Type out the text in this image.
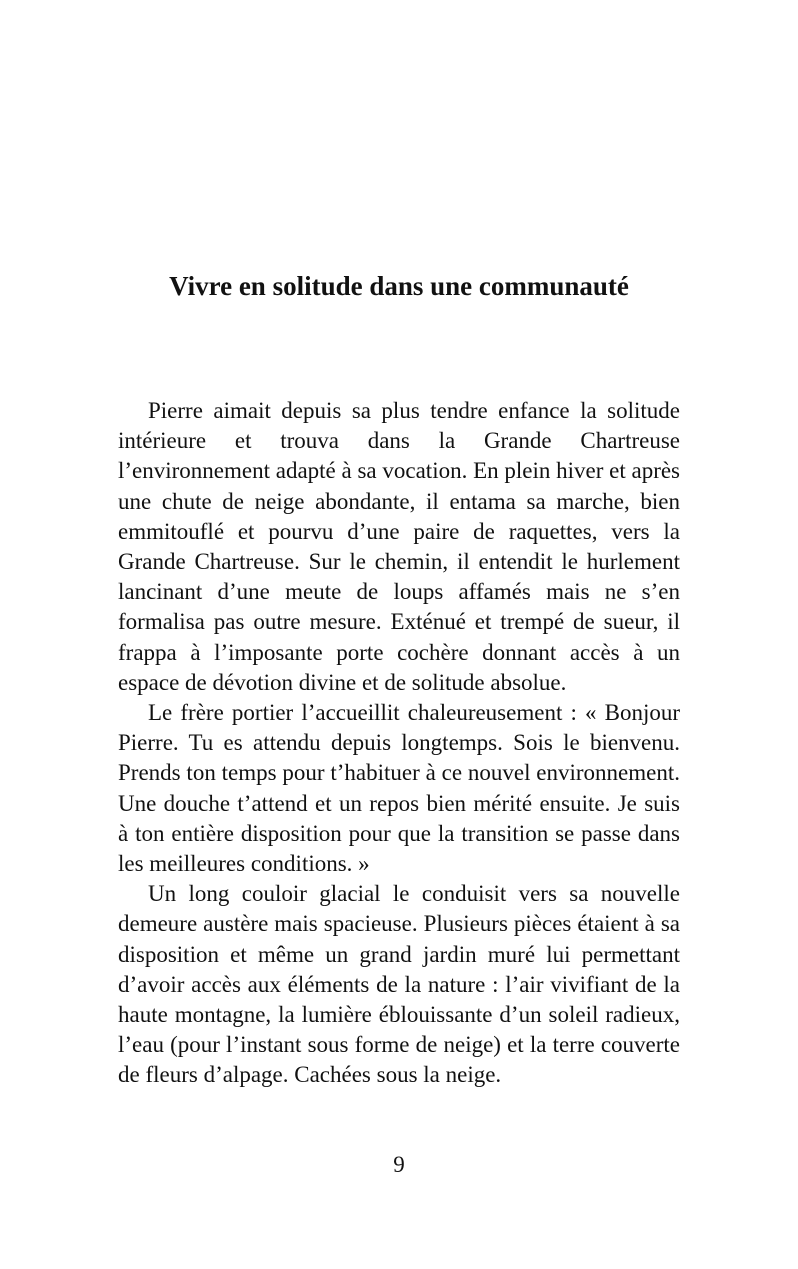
Vivre en solitude dans une communauté

Pierre aimait depuis sa plus tendre enfance la solitude intérieure et trouva dans la Grande Chartreuse l’environnement adapté à sa vocation. En plein hiver et après une chute de neige abondante, il entama sa marche, bien emmitouflé et pourvu d’une paire de raquettes, vers la Grande Chartreuse. Sur le chemin, il entendit le hurlement lancinant d’une meute de loups affamés mais ne s’en formalisa pas outre mesure. Exténué et trempé de sueur, il frappa à l’imposante porte cochère donnant accès à un espace de dévotion divine et de solitude absolue.

Le frère portier l’accueillit chaleureusement : « Bonjour Pierre. Tu es attendu depuis longtemps. Sois le bienvenu. Prends ton temps pour t’habituer à ce nouvel environnement. Une douche t’attend et un repos bien mérité ensuite. Je suis à ton entière disposition pour que la transition se passe dans les meilleures conditions. »

Un long couloir glacial le conduisit vers sa nouvelle demeure austère mais spacieuse. Plusieurs pièces étaient à sa disposition et même un grand jardin muré lui permettant d’avoir accès aux éléments de la nature : l’air vivifiant de la haute montagne, la lumière éblouissante d’un soleil radieux, l’eau (pour l’instant sous forme de neige) et la terre couverte de fleurs d’alpage. Cachées sous la neige.

9
